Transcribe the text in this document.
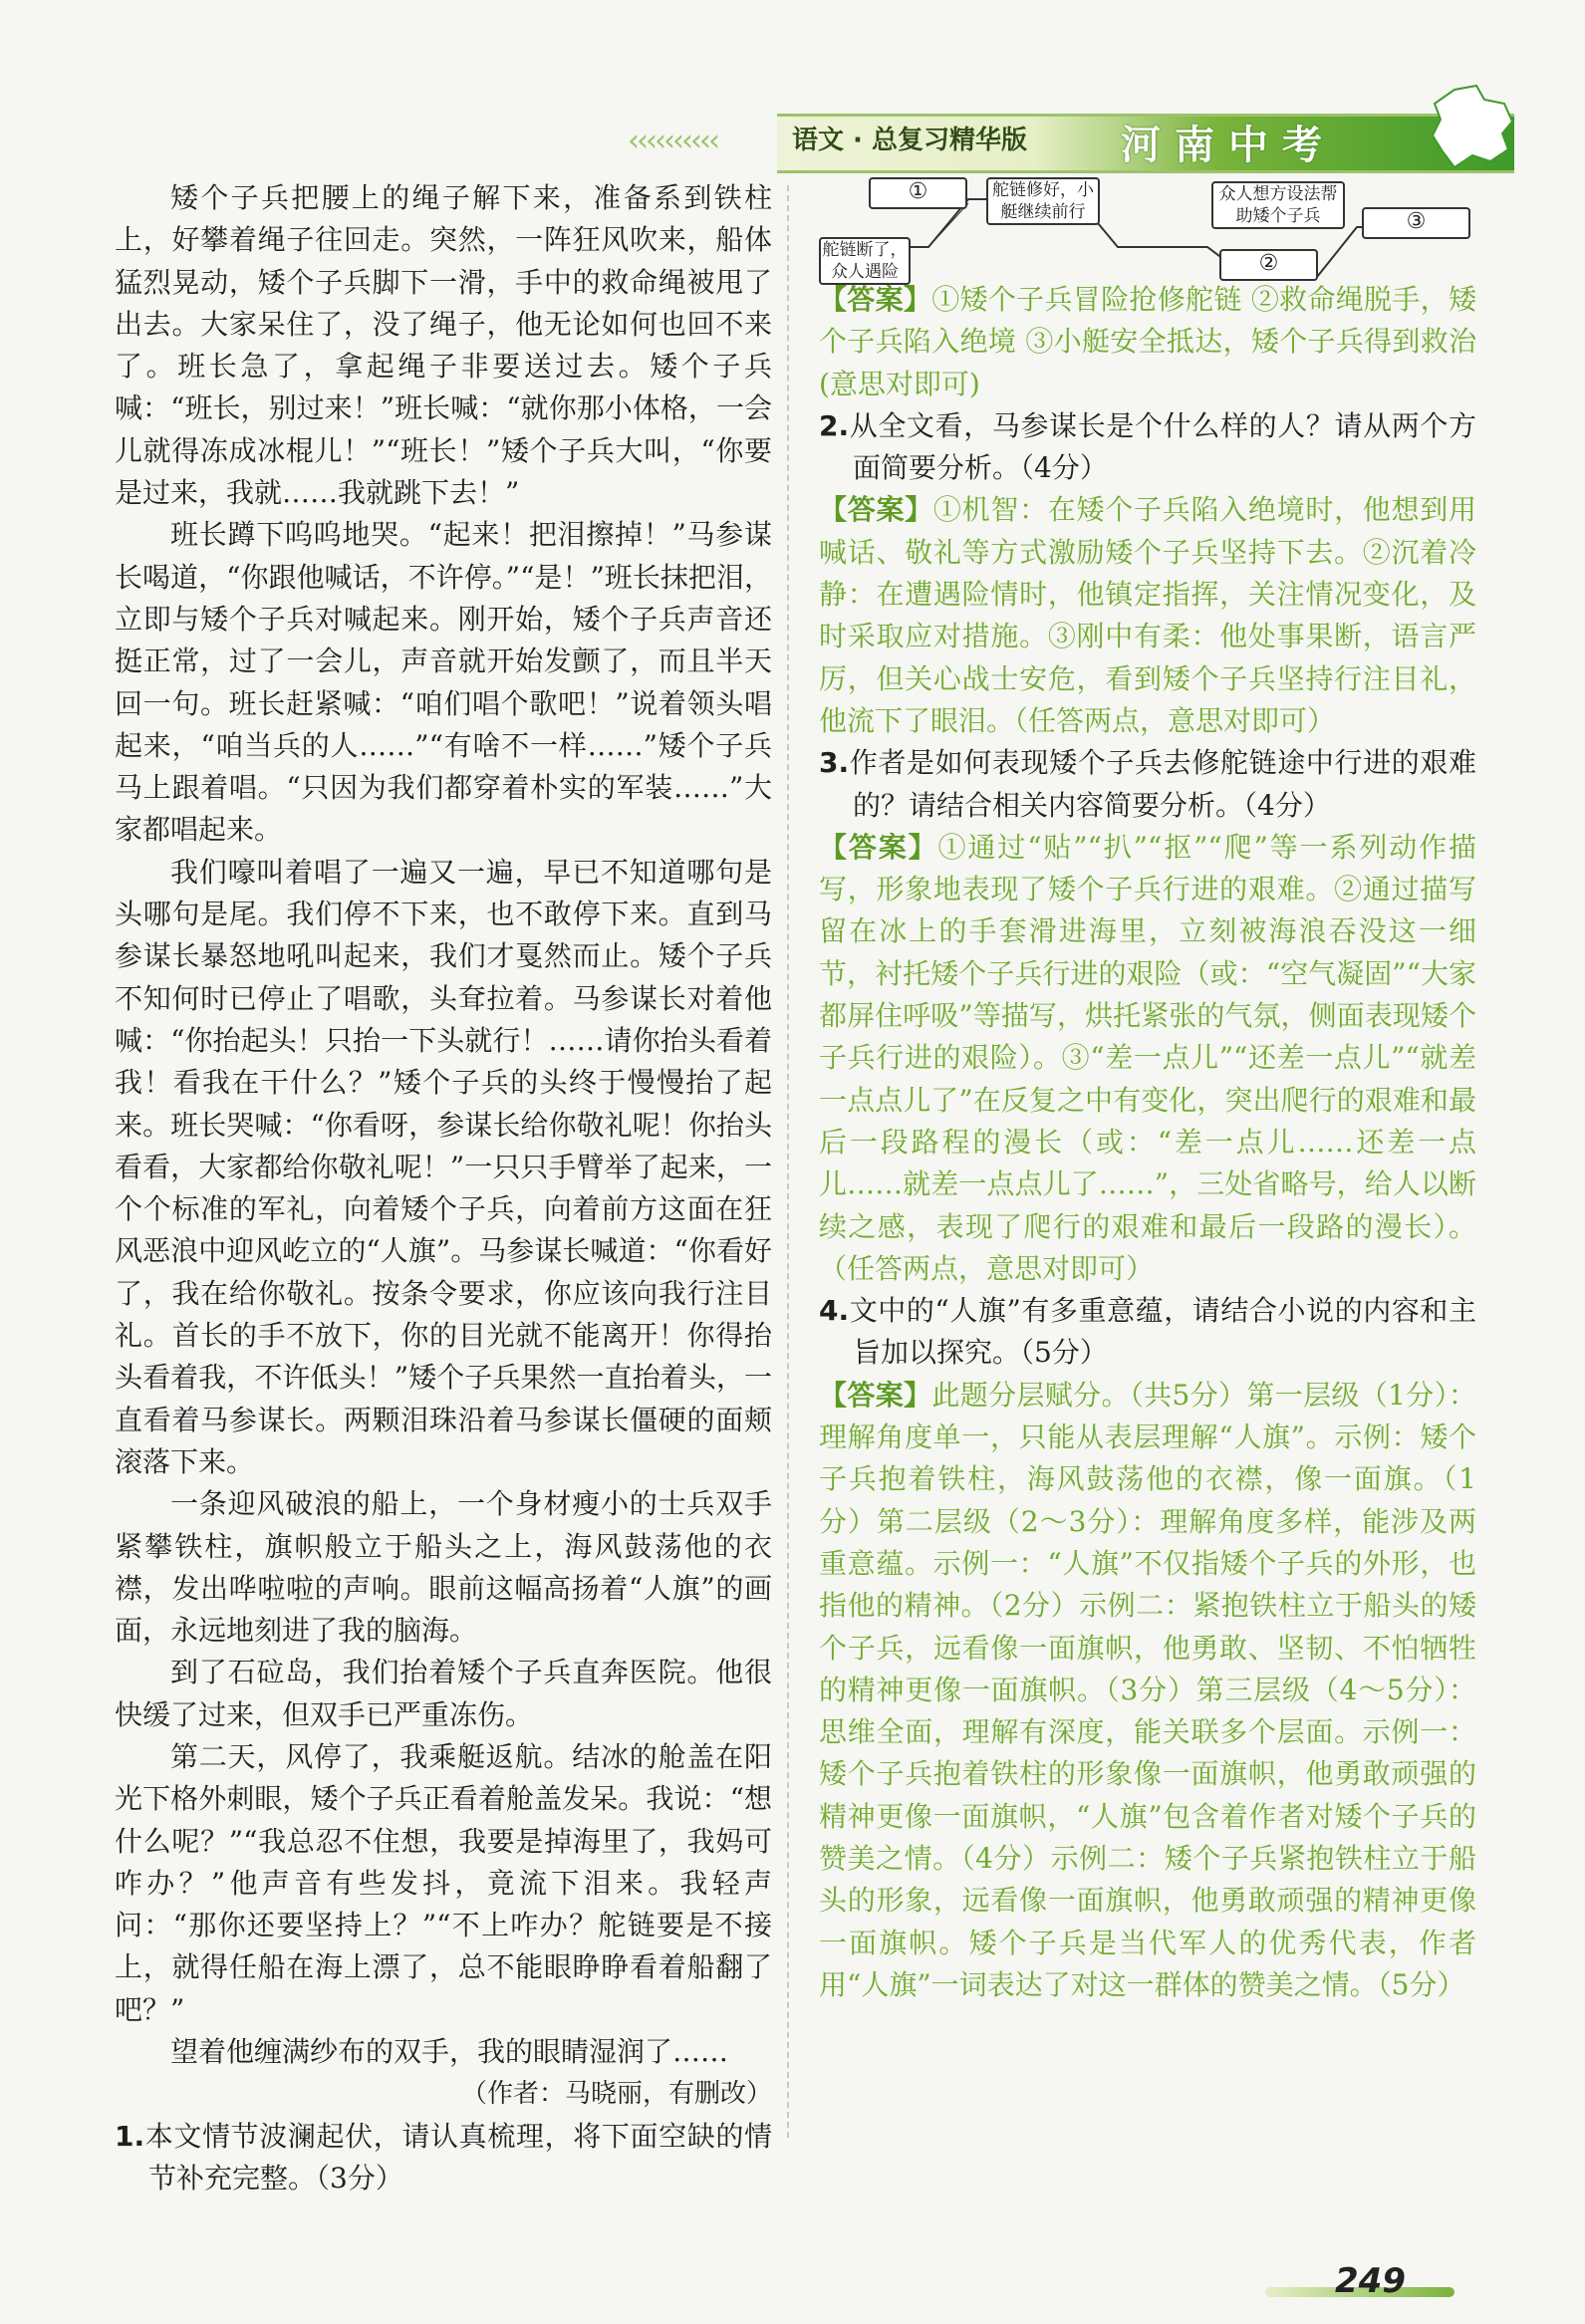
‹‹‹‹‹‹‹‹‹‹	语文 · 总复习精华版 河南中考

矮个子兵把腰上的绳子解下来，准备系到铁柱上，好攀着绳子往回走。突然，一阵狂风吹来，船体猛烈晃动，矮个子兵脚下一滑，手中的救命绳被甩了出去。大家呆住了，没了绳子，他无论如何也回不来了。班长急了，拿起绳子非要送过去。矮个子兵喊：“班长，别过来！”班长喊：“就你那小体格，一会儿就得冻成冰棍儿！”“班长！”矮个子兵大叫，“你要是过来，我就……我就跳下去！”

班长蹲下呜呜地哭。“起来！把泪擦掉！”马参谋长喝道，“你跟他喊话，不许停。”“是！”班长抹把泪，立即与矮个子兵对喊起来。刚开始，矮个子兵声音还挺正常，过了一会儿，声音就开始发颤了，而且半天回一句。班长赶紧喊：“咱们唱个歌吧！”说着领头唱起来，“咱当兵的人……”“有啥不一样……”矮个子兵马上跟着唱。“只因为我们都穿着朴实的军装……”大家都唱起来。

我们嚎叫着唱了一遍又一遍，早已不知道哪句是头哪句是尾。我们停不下来，也不敢停下来。直到马参谋长暴怒地吼叫起来，我们才戛然而止。矮个子兵不知何时已停止了唱歌，头耷拉着。马参谋长对着他喊：“你抬起头！只抬一下头就行！……请你抬头看着我！看我在干什么？”矮个子兵的头终于慢慢抬了起来。班长哭喊：“你看呀，参谋长给你敬礼呢！你抬头看看，大家都给你敬礼呢！”一只只手臂举了起来，一个个标准的军礼，向着矮个子兵，向着前方这面在狂风恶浪中迎风屹立的“人旗”。马参谋长喊道：“你看好了，我在给你敬礼。按条令要求，你应该向我行注目礼。首长的手不放下，你的目光就不能离开！你得抬头看着我，不许低头！”矮个子兵果然一直抬着头，一直看着马参谋长。两颗泪珠沿着马参谋长僵硬的面颊滚落下来。

一条迎风破浪的船上，一个身材瘦小的士兵双手紧攀铁柱，旗帜般立于船头之上，海风鼓荡他的衣襟，发出哗啦啦的声响。眼前这幅高扬着“人旗”的画面，永远地刻进了我的脑海。

到了石砬岛，我们抬着矮个子兵直奔医院。他很快缓了过来，但双手已严重冻伤。

第二天，风停了，我乘艇返航。结冰的舱盖在阳光下格外刺眼，矮个子兵正看着舱盖发呆。我说：“想什么呢？”“我总忍不住想，我要是掉海里了，我妈可咋办？”他声音有些发抖，竟流下泪来。我轻声问：“那你还要坚持上？”“不上咋办？舵链要是不接上，就得任船在海上漂了，总不能眼睁睁看着船翻了吧？”

望着他缠满纱布的双手，我的眼睛湿润了……

（作者：马晓丽，有删改）

1.本文情节波澜起伏，请认真梳理，将下面空缺的情节补充完整。（3分）

舵链断了，众人遇险
①	舵链修好，小艇继续前行
②
众人想方设法帮助矮个子兵	③

【答案】①矮个子兵冒险抢修舵链 ②救命绳脱手，矮个子兵陷入绝境 ③小艇安全抵达，矮个子兵得到救治(意思对即可)

2.从全文看，马参谋长是个什么样的人？请从两个方面简要分析。（4分）

【答案】①机智：在矮个子兵陷入绝境时，他想到用喊话、敬礼等方式激励矮个子兵坚持下去。②沉着冷静：在遭遇险情时，他镇定指挥，关注情况变化，及时采取应对措施。③刚中有柔：他处事果断，语言严厉，但关心战士安危，看到矮个子兵坚持行注目礼，他流下了眼泪。（任答两点，意思对即可）

3.作者是如何表现矮个子兵去修舵链途中行进的艰难的？请结合相关内容简要分析。（4分）

【答案】①通过“贴”“扒”“抠”“爬”等一系列动作描写，形象地表现了矮个子兵行进的艰难。②通过描写留在冰上的手套滑进海里，立刻被海浪吞没这一细节，衬托矮个子兵行进的艰险（或：“空气凝固”“大家都屏住呼吸”等描写，烘托紧张的气氛，侧面表现矮个子兵行进的艰险）。③“差一点儿”“还差一点儿”“就差一点点儿了”在反复之中有变化，突出爬行的艰难和最后一段路程的漫长（或：“差一点儿……还差一点儿……就差一点点儿了……”，三处省略号，给人以断续之感，表现了爬行的艰难和最后一段路的漫长）。（任答两点，意思对即可）

4.文中的“人旗”有多重意蕴，请结合小说的内容和主旨加以探究。（5分）

【答案】此题分层赋分。（共5分）第一层级（1分）：理解角度单一，只能从表层理解“人旗”。示例：矮个子兵抱着铁柱，海风鼓荡他的衣襟，像一面旗。（1分）第二层级（2～3分）：理解角度多样，能涉及两重意蕴。示例一：“人旗”不仅指矮个子兵的外形，也指他的精神。（2分）示例二：紧抱铁柱立于船头的矮个子兵，远看像一面旗帜，他勇敢、坚韧、不怕牺牲的精神更像一面旗帜。（3分）第三层级（4～5分）：思维全面，理解有深度，能关联多个层面。示例一：矮个子兵抱着铁柱的形象像一面旗帜，他勇敢顽强的精神更像一面旗帜，“人旗”包含着作者对矮个子兵的赞美之情。（4分）示例二：矮个子兵紧抱铁柱立于船头的形象，远看像一面旗帜，他勇敢顽强的精神更像一面旗帜。矮个子兵是当代军人的优秀代表，作者用“人旗”一词表达了对这一群体的赞美之情。（5分）

249
